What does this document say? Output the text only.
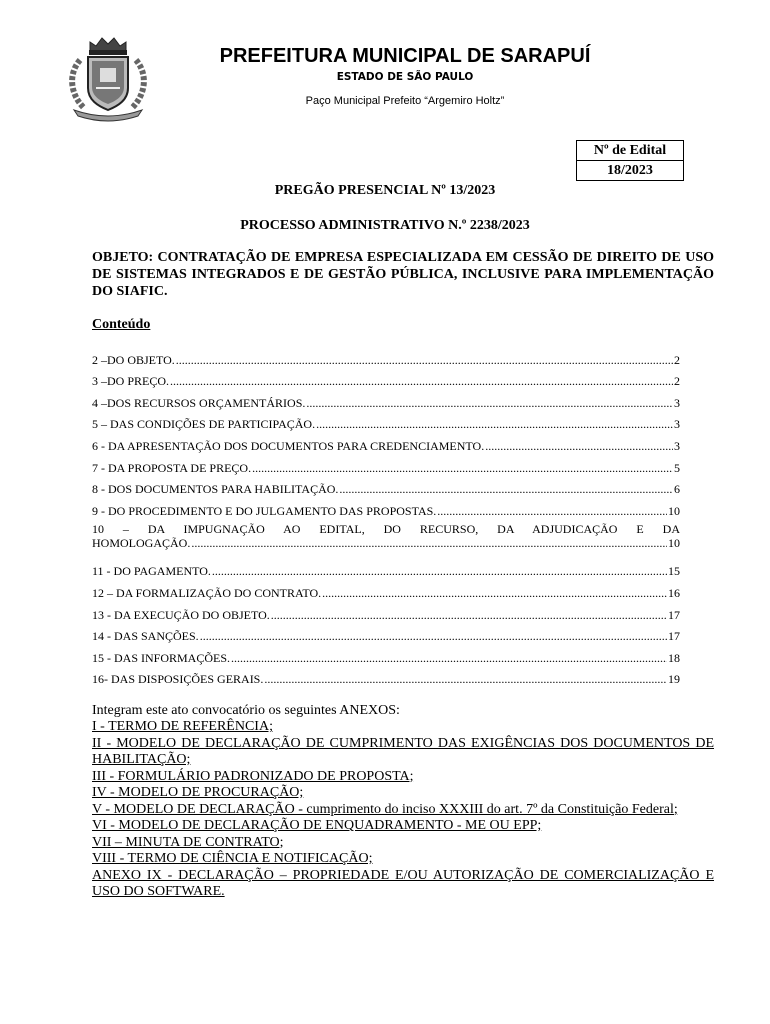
PREFEITURA MUNICIPAL DE SARAPUÍ
ESTADO DE SÃO PAULO
Paço Municipal Prefeito “Argemiro Holtz”
Nº de Edital
18/2023
PREGÃO PRESENCIAL Nº 13/2023
PROCESSO ADMINISTRATIVO N.º 2238/2023
OBJETO: CONTRATAÇÃO DE EMPRESA ESPECIALIZADA EM CESSÃO DE DIREITO DE USO DE SISTEMAS INTEGRADOS E DE GESTÃO PÚBLICA, INCLUSIVE PARA IMPLEMENTAÇÃO DO SIAFIC.
Conteúdo
2 –DO OBJETO. .....	2
3 –DO PREÇO. .....	2
4 –DOS RECURSOS ORÇAMENTÁRIOS. .....	3
5 – DAS CONDIÇÕES DE PARTICIPAÇÃO. .....	3
6 - DA APRESENTAÇÃO DOS DOCUMENTOS PARA CREDENCIAMENTO. .....	3
7 - DA PROPOSTA DE PREÇO. .....	5
8 - DOS DOCUMENTOS PARA HABILITAÇÃO. .....	6
9 - DO PROCEDIMENTO E DO JULGAMENTO DAS PROPOSTAS. .....	10
10 – DA IMPUGNAÇÃO AO EDITAL, DO RECURSO, DA ADJUDICAÇÃO E DA
HOMOLOGAÇÃO. .....	10
11 - DO PAGAMENTO. .....	15
12 – DA FORMALIZAÇÃO DO CONTRATO. .....	16
13 - DA EXECUÇÃO DO OBJETO. .....	17
14 - DAS SANÇÕES. .....	17
15 - DAS INFORMAÇÕES. .....	18
16- DAS DISPOSIÇÕES GERAIS. .....	19
Integram este ato convocatório os seguintes ANEXOS:
I - TERMO DE REFERÊNCIA;
II - MODELO DE DECLARAÇÃO DE CUMPRIMENTO DAS EXIGÊNCIAS DOS DOCUMENTOS DE HABILITAÇÃO;
III - FORMULÁRIO PADRONIZADO DE PROPOSTA;
IV - MODELO DE PROCURAÇÃO;
V - MODELO DE DECLARAÇÃO - cumprimento do inciso XXXIII do art. 7º da Constituição Federal;
VI - MODELO DE DECLARAÇÃO DE ENQUADRAMENTO - ME OU EPP;
VII – MINUTA DE CONTRATO;
VIII - TERMO DE CIÊNCIA E NOTIFICAÇÃO;
ANEXO IX - DECLARAÇÃO – PROPRIEDADE E/OU AUTORIZAÇÃO DE COMERCIALIZAÇÃO E USO DO SOFTWARE.
